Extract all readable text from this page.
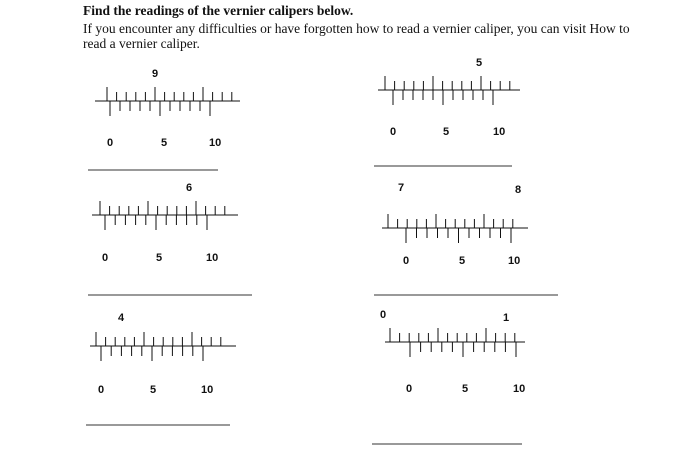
Find the readings of the vernier calipers below.
If you encounter any difficulties or have forgotten how to read a vernier caliper, you can visit How to read a vernier caliper.
9
0	5	10
5
0	5	10
6
0	5	10
7	8
0	5	10
4
0	5	10
0	1
0	5	10
